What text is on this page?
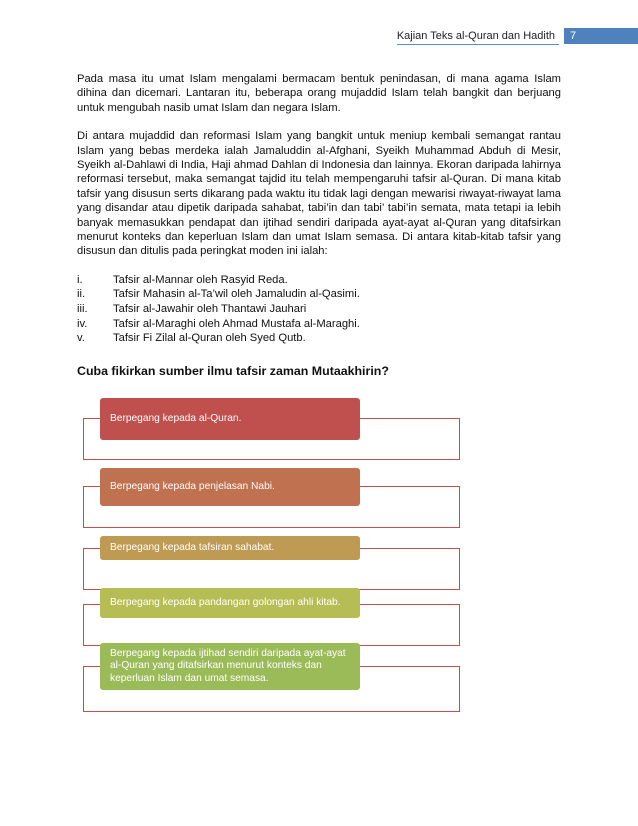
Kajian Teks al-Quran dan Hadith 7

Pada masa itu umat Islam mengalami bermacam bentuk penindasan, di mana agama Islam dihina dan dicemari. Lantaran itu, beberapa orang mujaddid Islam telah bangkit dan berjuang untuk mengubah nasib umat Islam dan negara Islam.

Di antara mujaddid dan reformasi Islam yang bangkit untuk meniup kembali semangat rantau Islam yang bebas merdeka ialah Jamaluddin al-Afghani, Syeikh Muhammad Abduh di Mesir, Syeikh al-Dahlawi di India, Haji ahmad Dahlan di Indonesia dan lainnya. Ekoran daripada lahirnya reformasi tersebut, maka semangat tajdid itu telah mempengaruhi tafsir al-Quran. Di mana kitab tafsir yang disusun serts dikarang pada waktu itu tidak lagi dengan mewarisi riwayat-riwayat lama yang disandar atau dipetik daripada sahabat, tabi’in dan tabi’ tabi’in semata, mata tetapi ia lebih banyak memasukkan pendapat dan ijtihad sendiri daripada ayat-ayat al-Quran yang ditafsirkan menurut konteks dan keperluan Islam dan umat Islam semasa. Di antara kitab-kitab tafsir yang disusun dan ditulis pada peringkat moden ini ialah:

i.	Tafsir al-Mannar oleh Rasyid Reda.
ii.	Tafsir Mahasin al-Ta’wil oleh Jamaludin al-Qasimi.
iii.	Tafsir al-Jawahir oleh Thantawi Jauhari
iv.	Tafsir al-Maraghi oleh Ahmad Mustafa al-Maraghi.
v.	Tafsir Fi Zilal al-Quran oleh Syed Qutb.
Cuba fikirkan sumber ilmu tafsir zaman Mutaakhirin?
Berpegang kepada al-Quran.
Berpegang kepada penjelasan Nabi.
Berpegang kepada tafsiran sahabat.
Berpegang kepada pandangan golongan ahli kitab.
Berpegang kepada ijtihad sendiri daripada ayat-ayat al-Quran yang ditafsirkan menurut konteks dan keperluan Islam dan umat semasa.
